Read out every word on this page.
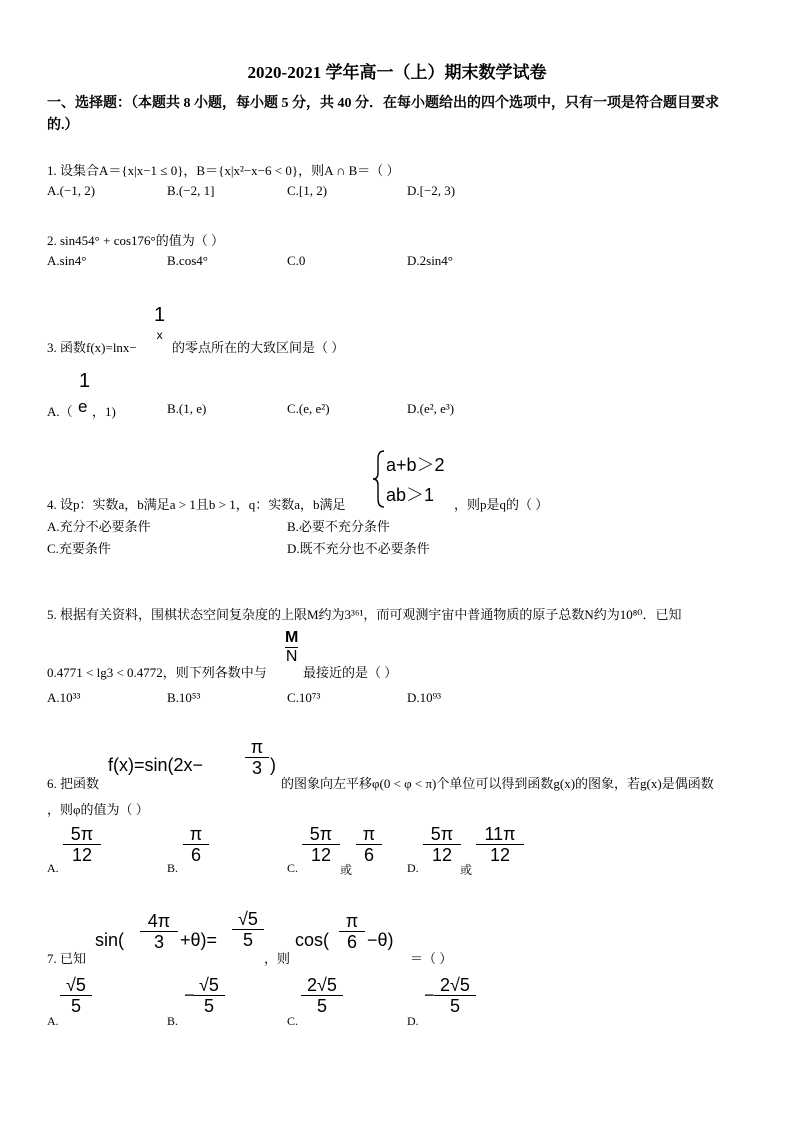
2020-2021 学年高一（上）期末数学试卷
一、选择题：（本题共 8 小题，每小题 5 分，共 40 分．在每小题给出的四个选项中，只有一项是符合题目要求
的.）
1. 设集合A＝{x|x−1 ≤ 0}，B＝{x|x²−x−6 < 0}，则A ∩ B＝（ ）
A.(−1, 2)	B.(−2, 1]	C.[1, 2)	D.[−2, 3)
2. sin454° + cos176°的值为（ ）
A.sin4°	B.cos4°	C.0	D.2sin4°
3. 函数f(x)=lnx−
1
x
的零点所在的大致区间是（ ）
1
A.（ e ，1)	B.(1, e)	C.(e, e²)	D.(e², e³)
4. 设p：实数a，b满足a > 1且b > 1，q：实数a，b满足
a+b＞2
ab＞1 ，则p是q的（ ）
A.充分不必要条件	B.必要不充分条件
C.充要条件	D.既不充分也不必要条件
5. 根据有关资料，围棋状态空间复杂度的上限M约为3³⁶¹，而可观测宇宙中普通物质的原子总数N约为10⁸⁰．已知
0.4771 < lg3 < 0.4772，则下列各数中与
M
N
最接近的是（ ）
A.10³³	B.10⁵³	C.10⁷³	D.10⁹³
6. 把函数
f(x)=sin(2x−
π
3 )
的图象向左平移φ(0 < φ < π)个单位可以得到函数g(x)的图象，若g(x)是偶函数
，则φ的值为（ ）
A.
5π
12
B.
π
6
C.
5π
12
或
π
6
D.
5π
12
或
11π
12
7. 已知
sin(
4π
3 +θ)=
√5
5
，则
cos(
π
6 −θ)
＝（ ）
A.
√5
5
B.
− √5
5
C.
2√5
5
D.
− 2√5
5
